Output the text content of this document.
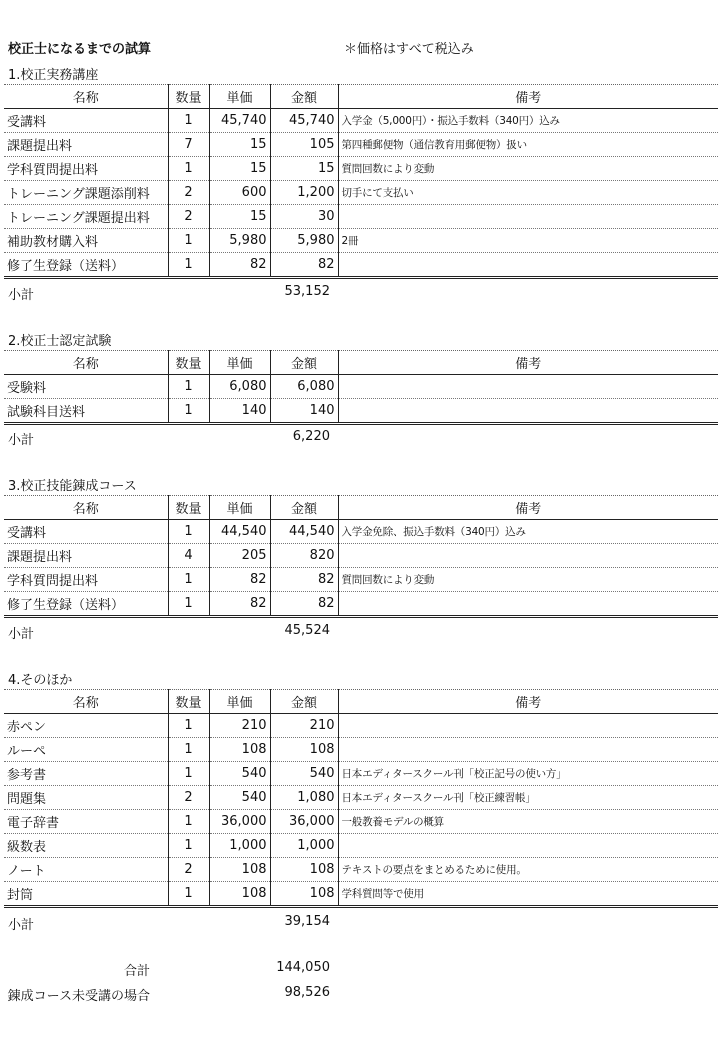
校正士になるまでの試算	＊価格はすべて税込み
1.校正実務講座
名称	数量	単価	金額	備考
受講料	1	45,740	45,740	入学金（5,000円）・振込手数料（340円）込み
課題提出料	7	15	105	第四種郵便物（通信教育用郵便物）扱い
学科質問提出料	1	15	15	質問回数により変動
トレーニング課題添削料	2	600	1,200	切手にて支払い
トレーニング課題提出料	2	15	30	
補助教材購入料	1	5,980	5,980	2冊
修了生登録（送料）	1	82	82	
小計	53,152
2.校正士認定試験
名称	数量	単価	金額	備考
受験料	1	6,080	6,080	
試験科目送料	1	140	140	
小計	6,220
3.校正技能錬成コース
名称	数量	単価	金額	備考
受講料	1	44,540	44,540	入学金免除、振込手数料（340円）込み
課題提出料	4	205	820	
学科質問提出料	1	82	82	質問回数により変動
修了生登録（送料）	1	82	82	
小計	45,524
4.そのほか
名称	数量	単価	金額	備考
赤ペン	1	210	210	
ルーペ	1	108	108	
参考書	1	540	540	日本エディタースクール刊「校正記号の使い方」
問題集	2	540	1,080	日本エディタースクール刊「校正練習帳」
電子辞書	1	36,000	36,000	一般教養モデルの概算
級数表	1	1,000	1,000	
ノート	2	108	108	テキストの要点をまとめるために使用。
封筒	1	108	108	学科質問等で使用
小計	39,154
合計	144,050
錬成コース未受講の場合	98,526
